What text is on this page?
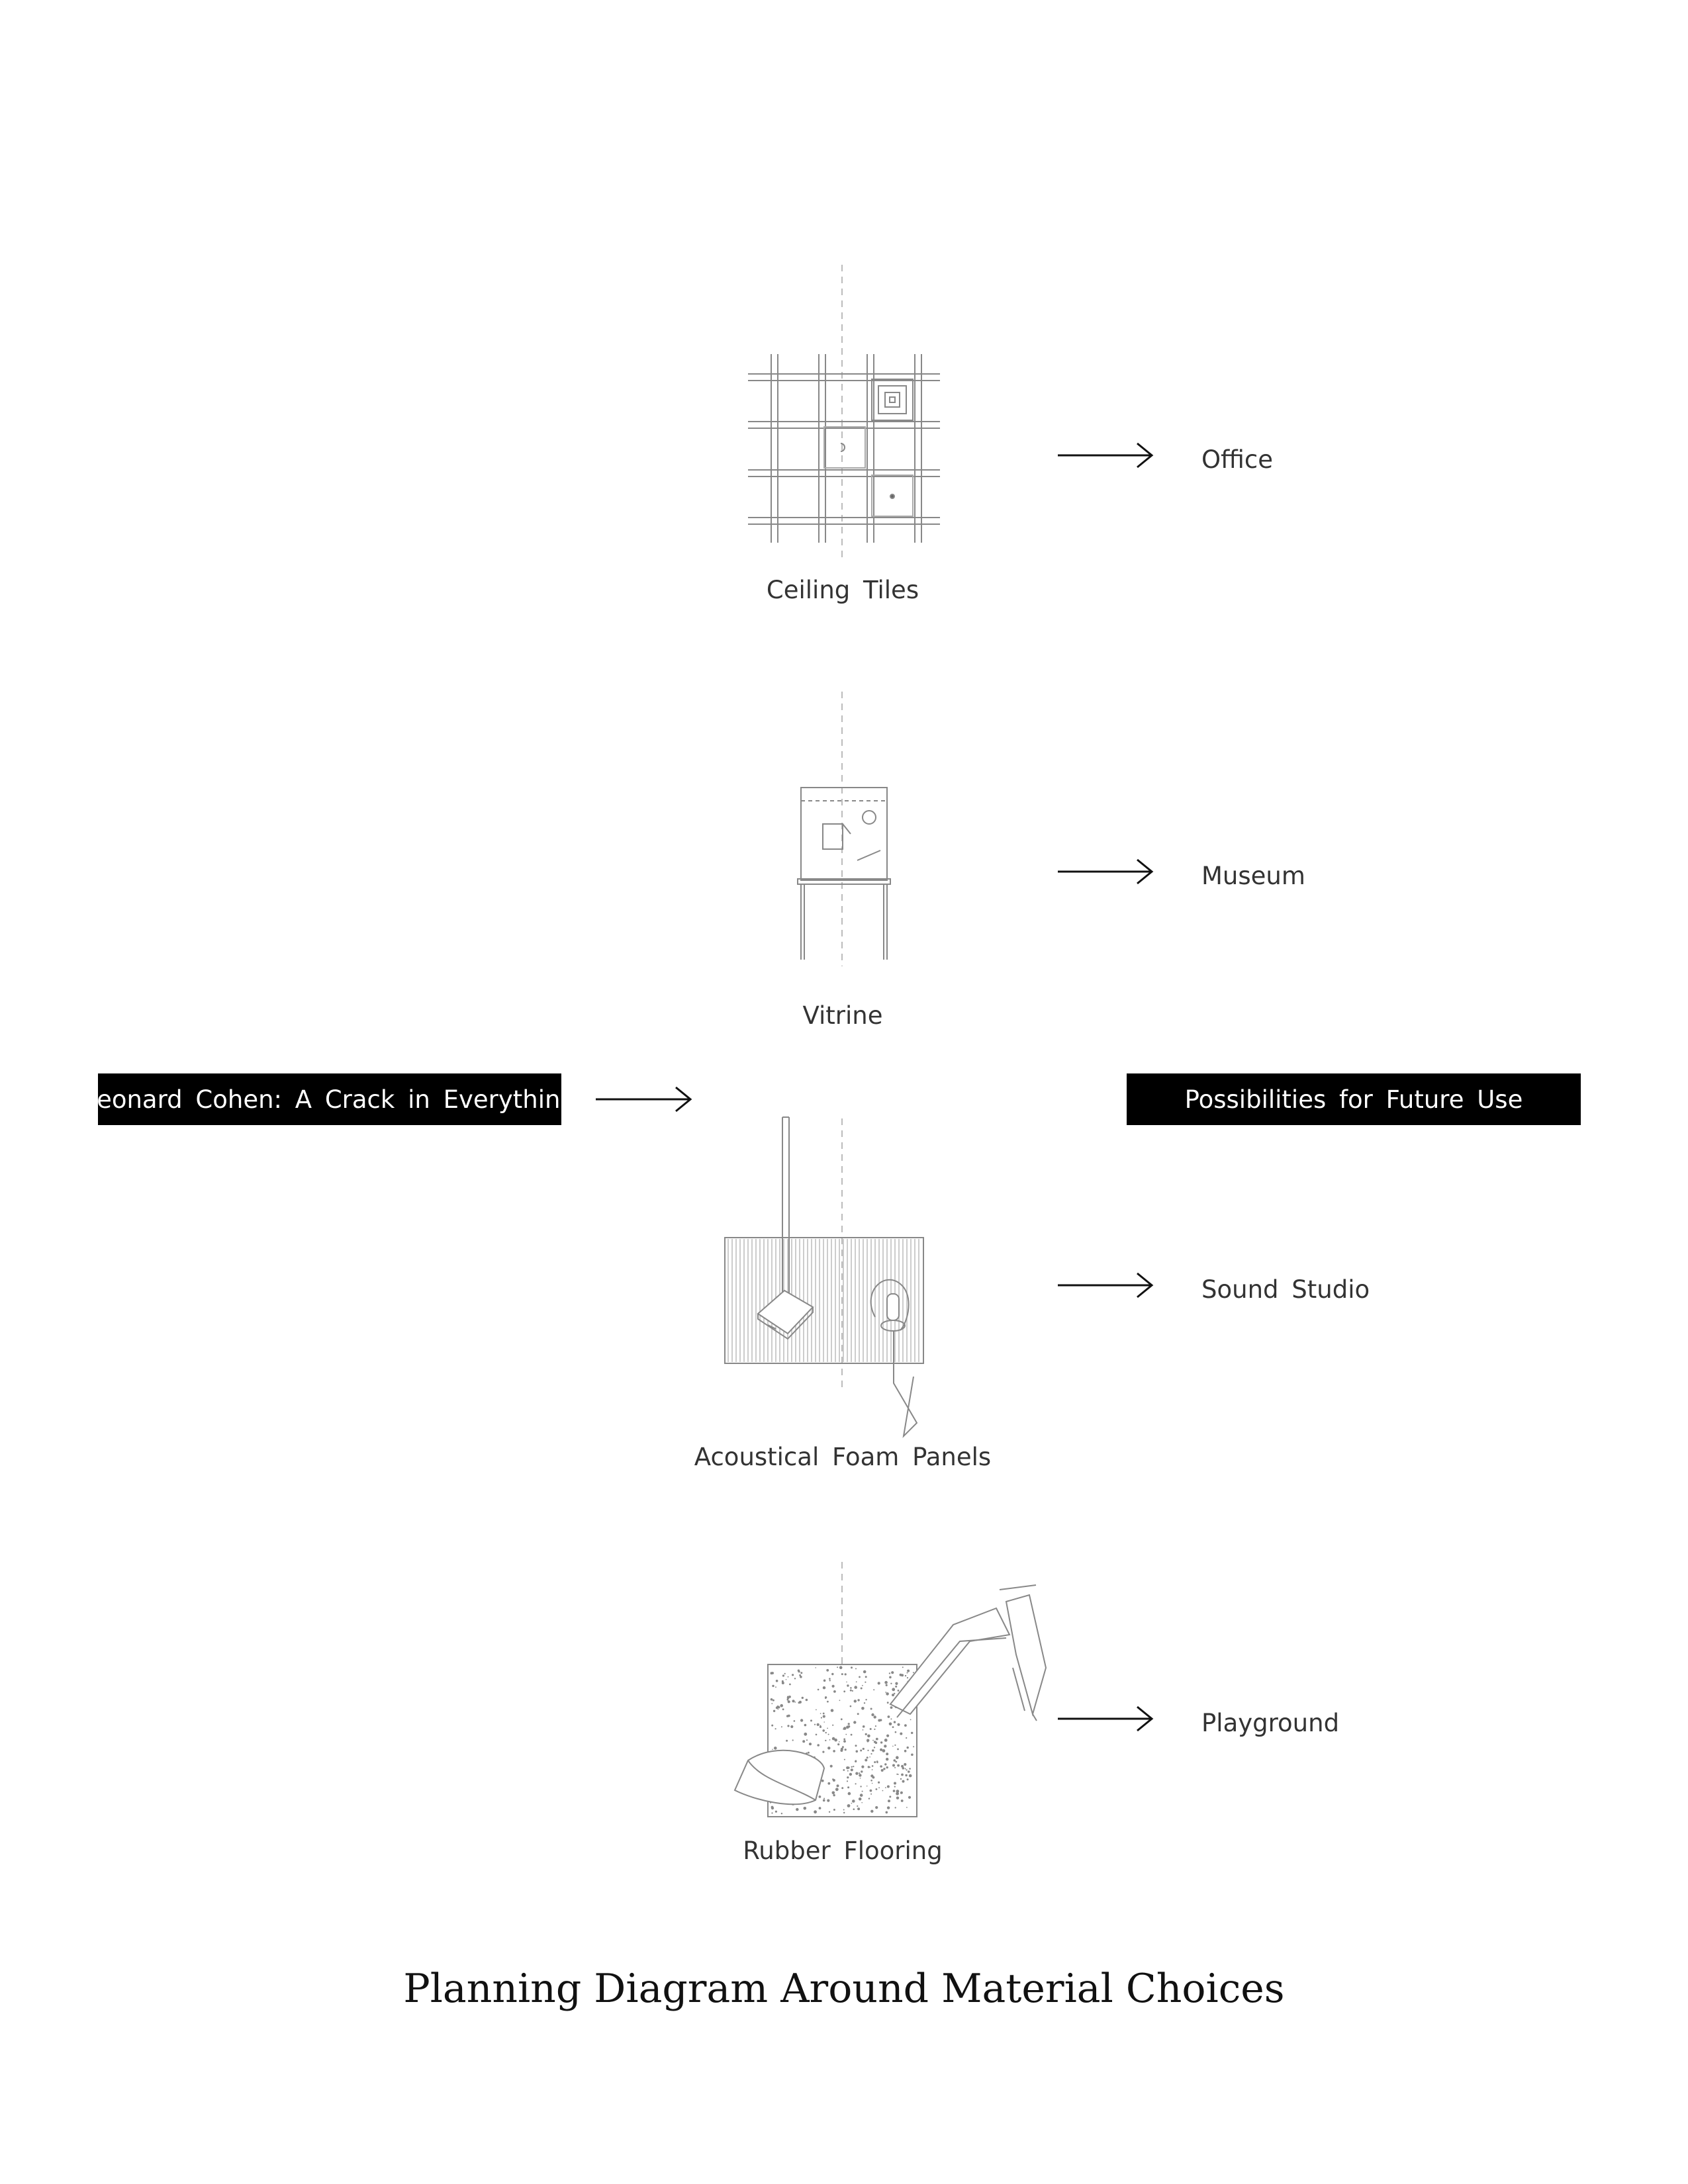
Ceiling Tiles
Vitrine
Acoustical Foam Panels
Rubber Flooring
Office
Museum
Sound Studio
Playground
Leonard Cohen: A Crack in Everything	Possibilities for Future Use
Planning Diagram Around Material Choices
